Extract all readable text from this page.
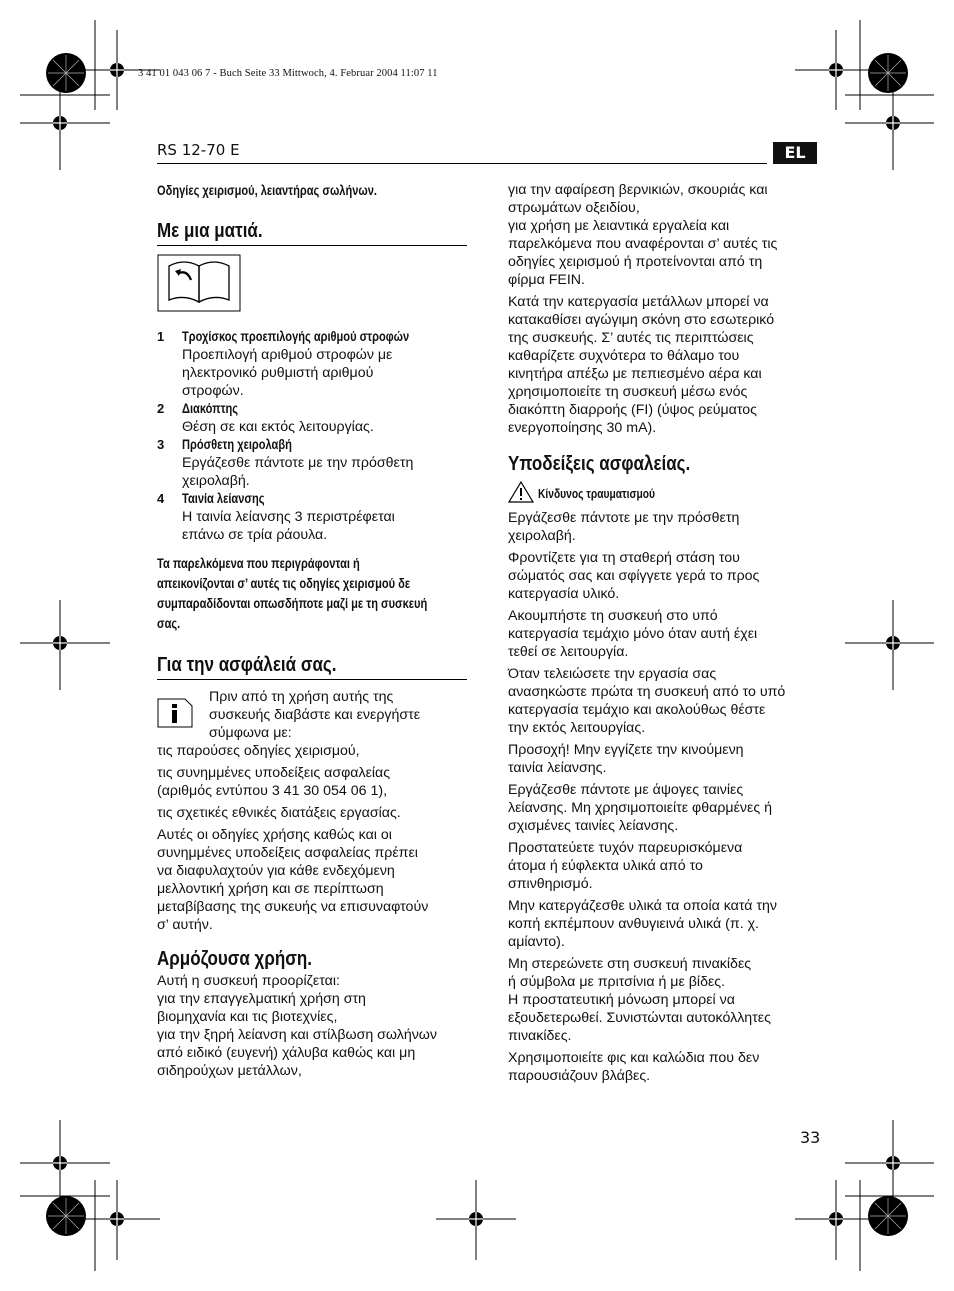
3 41 01 043 06 7 - Buch Seite 33 Mittwoch, 4. Februar 2004 11:07 11
RS 12-70 E	EL
Οδηγίες χειρισμού, λειαντήρας σωλήνων.
Με μια ματιά.
1	Τροχίσκος προεπιλογής αριθμού στροφών
Προεπιλογή αριθμού στροφών με
ηλεκτρονικό ρυθμιστή αριθμού
στροφών.
2	Διακόπτης
Θέση σε και εκτός λειτουργίας.
3	Πρόσθετη χειρολαβή
Εργάζεσθε πάντοτε με την πρόσθετη
χειρολαβή.
4	Ταινία λείανσης
Η ταινία λείανσης 3 περιστρέφεται
επάνω σε τρία ράουλα.
Τα παρελκόμενα που περιγράφονται ή
απεικονίζονται σ’ αυτές τις οδηγίες χειρισμού δε
συμπαραδίδονται οπωσδήποτε μαζί με τη συσκευή
σας.
Για την ασφάλειά σας.
Πριν από τη χρήση αυτής της
συσκευής διαβάστε και ενεργήστε
σύμφωνα με:

τις παρούσες οδηγίες χειρισμού,

τις συνημμένες υποδείξεις ασφαλείας
(αριθμός εντύπου 3 41 30 054 06 1),

τις σχετικές εθνικές διατάξεις εργασίας.

Αυτές οι οδηγίες χρήσης καθώς και οι
συνημμένες υποδείξεις ασφαλείας πρέπει
να διαφυλαχτούν για κάθε ενδεχόμενη
μελλοντική χρήση και σε περίπτωση
μεταβίβασης της συκευής να επισυναφτούν
σ’ αυτήν.

Αρμόζουσα χρήση.
Αυτή η συσκευή προορίζεται:
για την επαγγελματική χρήση στη
βιομηχανία και τις βιοτεχνίες,
για την ξηρή λείανση και στίλβωση σωλήνων
από ειδικό (ευγενή) χάλυβα καθώς και μη
σιδηρούχων μετάλλων,

για την αφαίρεση βερνικιών, σκουριάς και
στρωμάτων οξειδίου,
για χρήση με λειαντικά εργαλεία και
παρελκόμενα που αναφέρονται σ’ αυτές τις
οδηγίες χειρισμού ή προτείνονται από τη
φίρμα FEIN.

Κατά την κατεργασία μετάλλων μπορεί να
κατακαθίσει αγώγιμη σκόνη στο εσωτερικό
της συσκευής. Σ’ αυτές τις περιπτώσεις
καθαρίζετε συχνότερα το θάλαμο του
κινητήρα απέξω με πεπιεσμένο αέρα και
χρησιμοποιείτε τη συσκευή μέσω ενός
διακόπτη διαρροής (FI) (ύψος ρεύματος
ενεργοποίησης 30 mA).

Υποδείξεις ασφαλείας.
Κίνδυνος τραυματισμού

Εργάζεσθε πάντοτε με την πρόσθετη
χειρολαβή.

Φροντίζετε για τη σταθερή στάση του
σώματός σας και σφίγγετε γερά το προς
κατεργασία υλικό.

Ακουμπήστε τη συσκευή στο υπό
κατεργασία τεμάχιο μόνο όταν αυτή έχει
τεθεί σε λειτουργία.

Όταν τελειώσετε την εργασία σας
ανασηκώστε πρώτα τη συσκευή από το υπό
κατεργασία τεμάχιο και ακολούθως θέστε
την εκτός λειτουργίας.

Προσοχή! Μην εγγίζετε την κινούμενη
ταινία λείανσης.

Εργάζεσθε πάντοτε με άψογες ταινίες
λείανσης. Μη χρησιμοποιείτε φθαρμένες ή
σχισμένες ταινίες λείανσης.

Προστατεύετε τυχόν παρευρισκόμενα
άτομα ή εύφλεκτα υλικά από το
σπινθηρισμό.

Μην κατεργάζεσθε υλικά τα οποία κατά την
κοπή εκπέμπουν ανθυγιεινά υλικά (π. χ.
αμίαντο).

Μη στερεώνετε στη συσκευή πινακίδες
ή σύμβολα με πριτσίνια ή με βίδες.
Η προστατευτική μόνωση μπορεί να
εξουδετερωθεί. Συνιστώνται αυτοκόλλητες
πινακίδες.

Χρησιμοποιείτε φις και καλώδια που δεν
παρουσιάζουν βλάβες.

33
